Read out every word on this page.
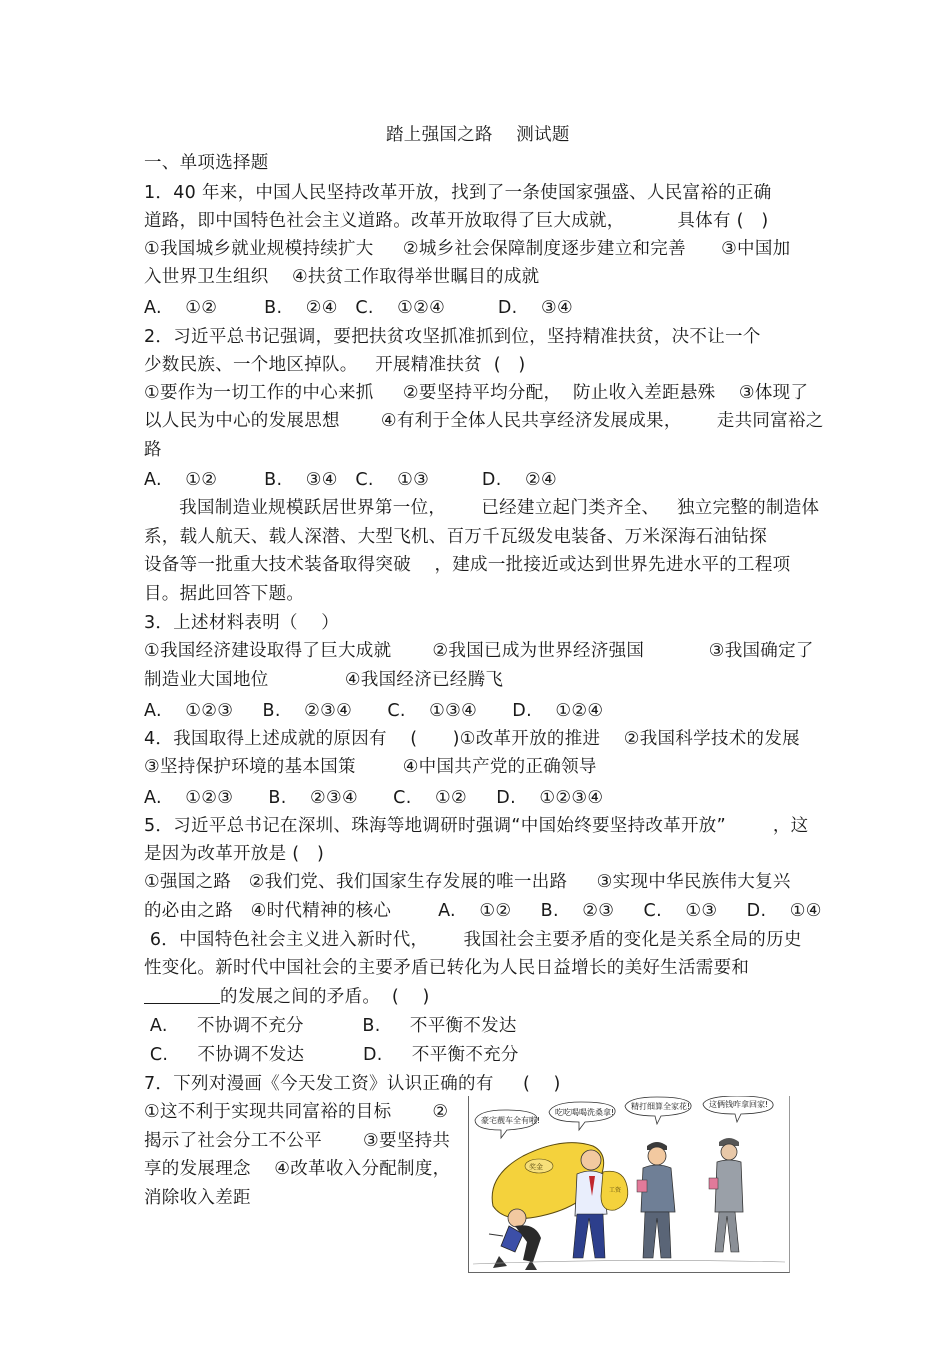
踏上强国之路    测试题
一、单项选择题
1．40 年来，中国人民坚持改革开放，找到了一条使国家强盛、人民富裕的正确
道路，即中国特色社会主义道路。改革开放取得了巨大成就，         具体有 (   )
①我国城乡就业规模持续扩大     ②城乡社会保障制度逐步建立和完善      ③中国加
入世界卫生组织    ④扶贫工作取得举世瞩目的成就
A.    ①②        B.    ②④   C.    ①②④         D.    ③④
2．习近平总书记强调，要把扶贫攻坚抓准抓到位，坚持精准扶贫，决不让一个
少数民族、一个地区掉队。   开展精准扶贫  (   )
①要作为一切工作的中心来抓     ②要坚持平均分配，  防止收入差距悬殊    ③体现了
以人民为中心的发展思想       ④有利于全体人民共享经济发展成果，      走共同富裕之
路
A.    ①②        B.    ③④   C.    ①③         D.    ②④
我国制造业规模跃居世界第一位，      已经建立起门类齐全、   独立完整的制造体
系，载人航天、载人深潜、大型飞机、百万千瓦级发电装备、万米深海石油钻探
设备等一批重大技术装备取得突破    ，建成一批接近或达到世界先进水平的工程项
目。据此回答下题。
3．上述材料表明（    ）
①我国经济建设取得了巨大成就       ②我国已成为世界经济强国           ③我国确定了
制造业大国地位             ④我国经济已经腾飞
A.    ①②③     B.    ②③④      C.    ①③④      D.    ①②④
4．我国取得上述成就的原因有    (      )①改革开放的推进    ②我国科学技术的发展
③坚持保护环境的基本国策        ④中国共产党的正确领导
A.    ①②③      B.    ②③④      C.    ①②     D.    ①②③④
5．习近平总书记在深圳、珠海等地调研时强调“中国始终要坚持改革开放”        ，这
是因为改革开放是 (   )
①强国之路   ②我们党、我们国家生存发展的唯一出路     ③实现中华民族伟大复兴
的必由之路   ④时代精神的核心        A.    ①②     B.    ②③     C.    ①③     D.    ①④
6．中国特色社会主义进入新时代，      我国社会主要矛盾的变化是关系全局的历史
性变化。新时代中国社会的主要矛盾已转化为人民日益增长的美好生活需要和
的发展之间的矛盾。  (    )
A.     不协调不充分          B.     不平衡不发达
C.     不协调不发达          D.     不平衡不充分
7．下列对漫画《今天发工资》认识正确的有     (    )
①这不利于实现共同富裕的目标       ②
揭示了社会分工不公平       ③要坚持共
享的发展理念    ④改革收入分配制度，
消除收入差距
豪宅靓车全有啦!
吃吃喝喝洗桑拿!
精打细算全家花! 这俩钱咋拿回家!
奖金
工资
